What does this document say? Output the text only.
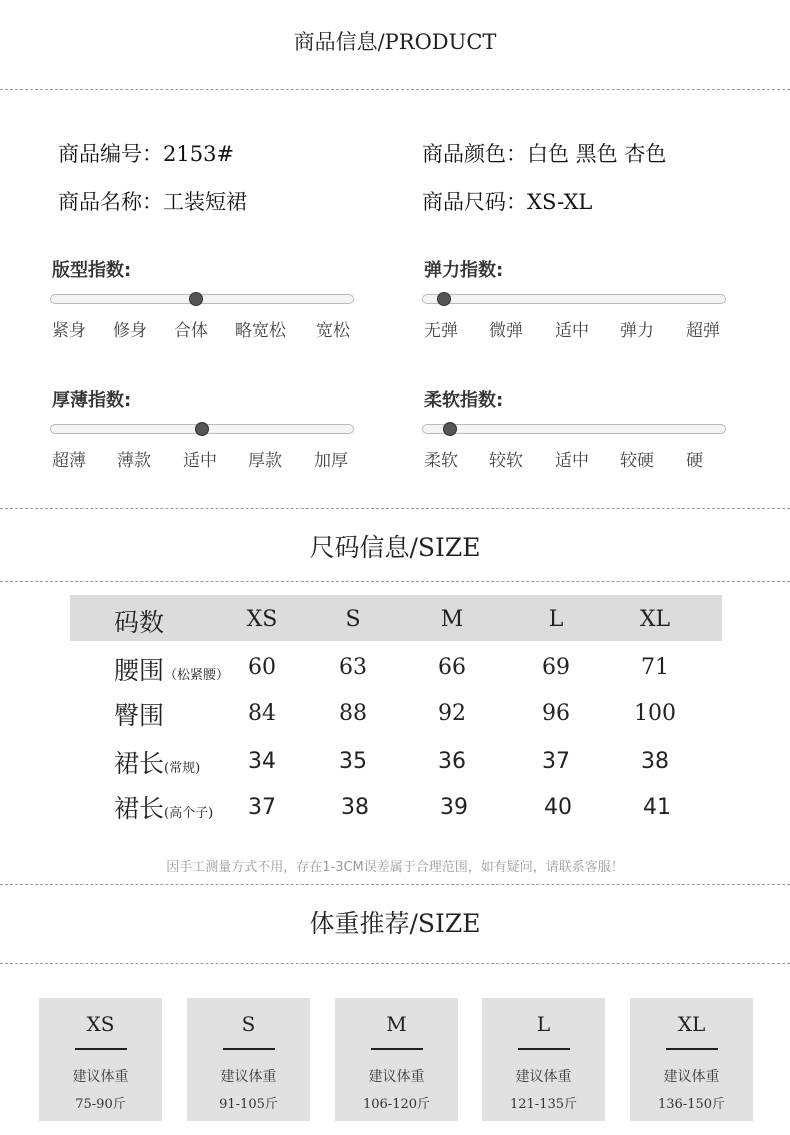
商品信息/PRODUCT
商品编号：2153#	商品颜色：白色 黑色 杏色
商品名称：工装短裙	商品尺码：XS-XL
版型指数:
紧身 修身 合体 略宽松 宽松
弹力指数:
无弹 微弹 适中 弹力 超弹
厚薄指数:
超薄 薄款 适中 厚款 加厚
柔软指数:
柔软 较软 适中 较硬 硬
尺码信息/SIZE
码数	XS	S	M	L	XL
腰围（松紧腰） 60	63	66	69	71
臀围	84	88	92	96	100
裙长(常规) 34	35	36	37	38
裙长(高个子) 37	38	39	40	41
因手工测量方式不用，存在1-3CM误差属于合理范围，如有疑问，请联系客服！
体重推荐/SIZE
XS
建议体重
75-90斤
S
建议体重
91-105斤
M
建议体重
106-120斤
L
建议体重
121-135斤
XL
建议体重
136-150斤
